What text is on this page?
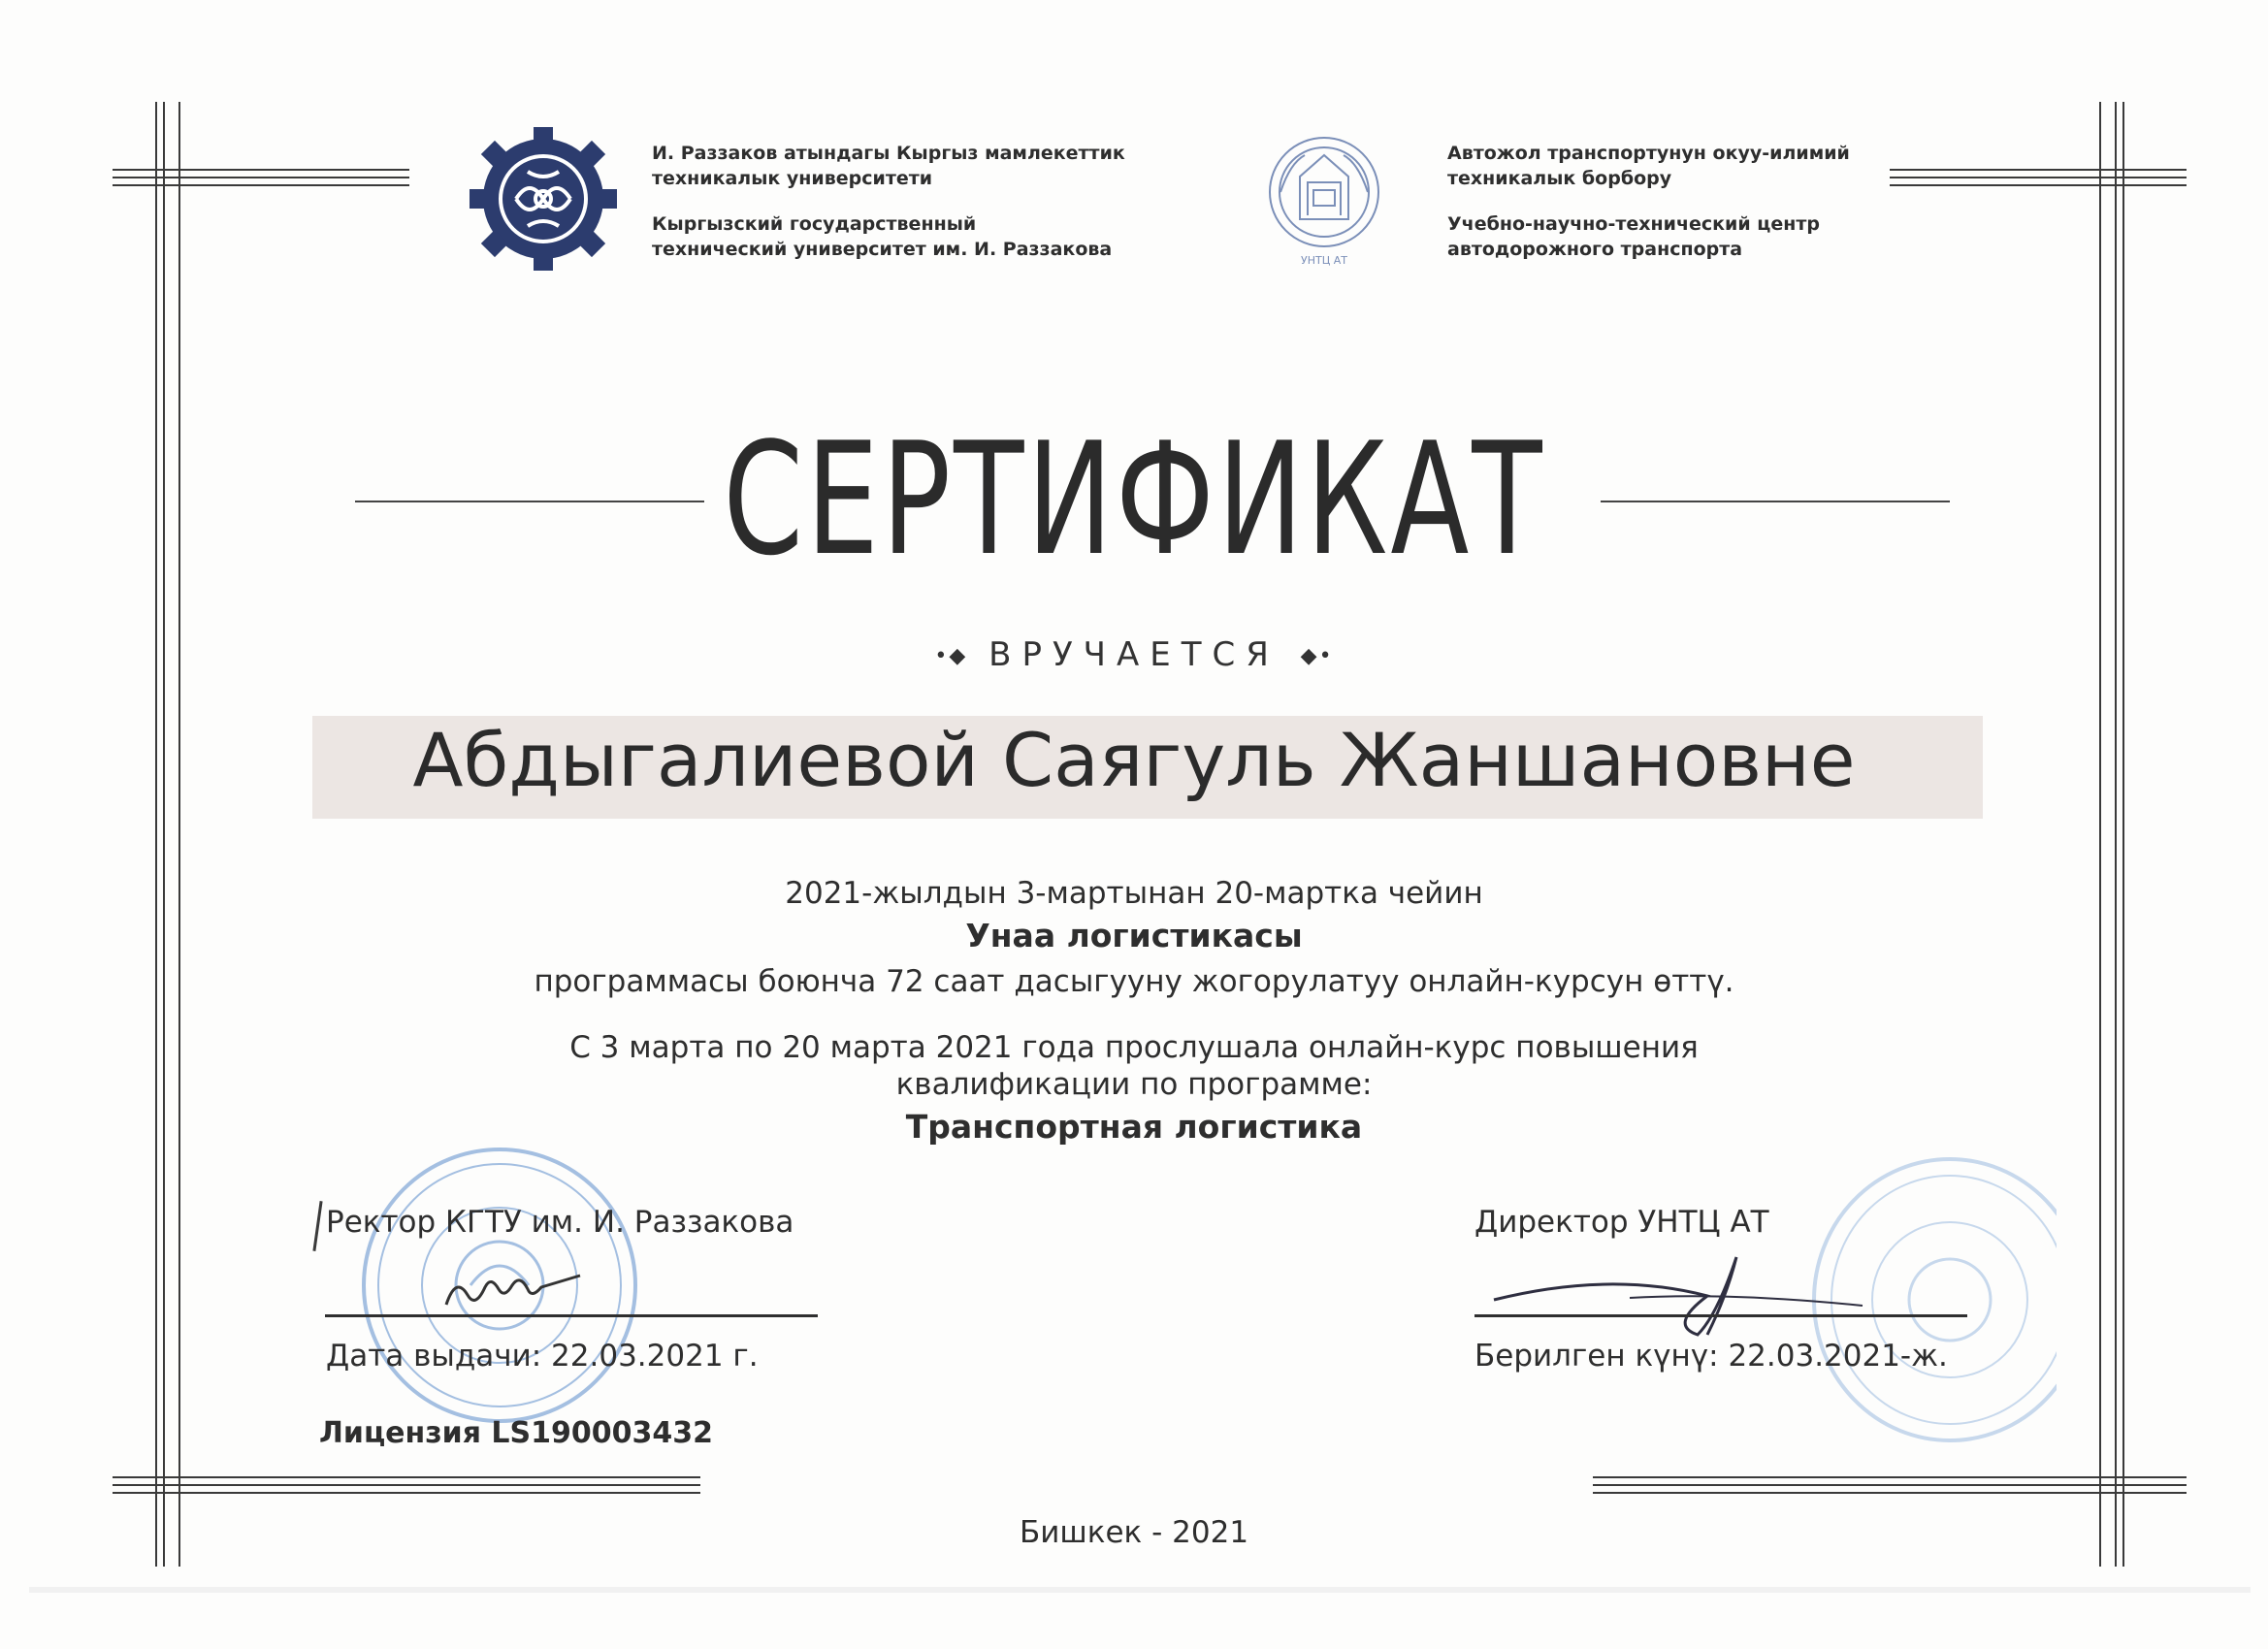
И. Раззаков атындагы Кыргыз мамлекеттик
техникалык университети
Кыргызский государственный
технический университет им. И. Раззакова
УНТЦ АТ
Автожол транспортунун окуу-илимий
техникалык борбору
Учебно-научно-технический центр
автодорожного транспорта
СЕРТИФИКАТ
•◆ ВРУЧАЕТСЯ ◆•
Абдыгалиевой Саягуль Жаншановне
2021-жылдын 3-мартынан 20-мартка чейин
Унаа логистикасы
программасы боюнча 72 саат дасыгууну жогорулатуу онлайн-курсун өттү.
С 3 марта по 20 марта 2021 года прослушала онлайн-курс повышения
квалификации по программе:
Транспортная логистика
Ректор КГТУ им. И. Раззакова
Дата выдачи: 22.03.2021 г.
Лицензия LS190003432
Директор УНТЦ АТ
Берилген күнү: 22.03.2021-ж.
Бишкек - 2021
